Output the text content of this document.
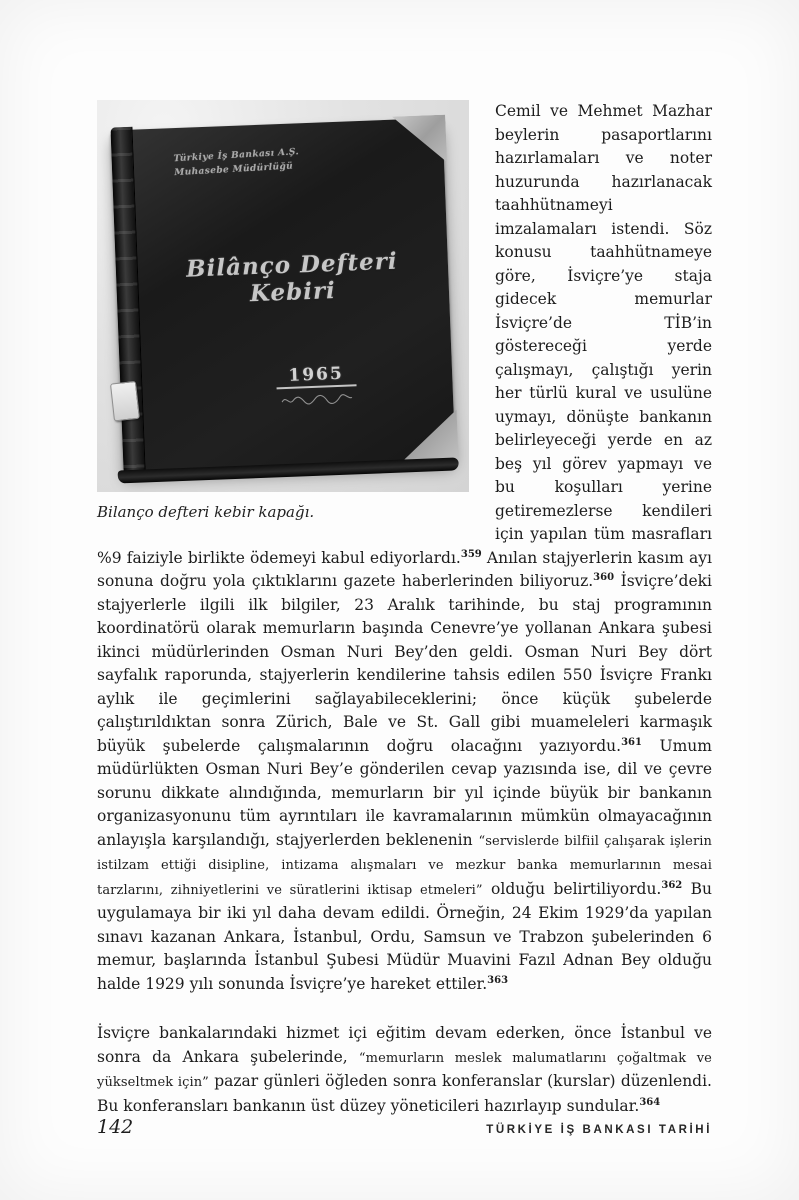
Türkiye İş Bankası A.Ş.
Muhasebe Müdürlüğü
Bilânço Defteri Kebiri
1965
Bilanço defteri kebir kapağı.

Cemil ve Mehmet Mazhar beylerin pasaportlarını hazırlamaları ve noter huzurunda hazırlanacak taahhütnameyi imzalamaları istendi. Söz konusu taahhütnameye göre, İsviçre’ye staja gidecek memurlar İsviçre’de TİB’in göstereceği yerde çalışmayı, çalıştığı yerin her türlü kural ve usulüne uymayı, dönüşte bankanın belirleyeceği yerde en az beş yıl görev yapmayı ve bu koşulları yerine getiremezlerse kendileri için yapılan tüm masrafları %9 faiziyle birlikte ödemeyi kabul ediyorlardı.$^{359}$ Anılan stajyerlerin kasım ayı sonuna doğru yola çıktıklarını gazete haberlerinden biliyoruz.$^{360}$ İsviçre’deki stajyerlerle ilgili ilk bilgiler, 23 Aralık tarihinde, bu staj programının koordinatörü olarak memurların başında Cenevre’ye yollanan Ankara şubesi ikinci müdürlerinden Osman Nuri Bey’den geldi. Osman Nuri Bey dört sayfalık raporunda, stajyerlerin kendilerine tahsis edilen 550 İsviçre Frankı aylık ile geçimlerini sağlayabileceklerini; önce küçük şubelerde çalıştırıldıktan sonra Zürich, Bale ve St. Gall gibi muameleleri karmaşık büyük şubelerde çalışmalarının doğru olacağını yazıyordu.$^{361}$ Umum müdürlükten Osman Nuri Bey’e gönderilen cevap yazısında ise, dil ve çevre sorunu dikkate alındığında, memurların bir yıl içinde büyük bir bankanın organizasyonunu tüm ayrıntıları ile kavramalarının mümkün olmayacağının anlayışla karşılandığı, stajyerlerden beklenenin “servislerde bilfiil çalışarak işlerin istilzam ettiği disipline, intizama alışmaları ve mezkur banka memurlarının mesai tarzlarını, zihniyetlerini ve süratlerini iktisap etmeleri” olduğu belirtiliyordu.$^{362}$ Bu uygulamaya bir iki yıl daha devam edildi. Örneğin, 24 Ekim 1929’da yapılan sınavı kazanan Ankara, İstanbul, Ordu, Samsun ve Trabzon şubelerinden 6 memur, başlarında İstanbul Şubesi Müdür Muavini Fazıl Adnan Bey olduğu halde 1929 yılı sonunda İsviçre’ye hareket ettiler.$^{363}$

İsviçre bankalarındaki hizmet içi eğitim devam ederken, önce İstanbul ve sonra da Ankara şubelerinde, “memurların meslek malumatlarını çoğaltmak ve yükseltmek için” pazar günleri öğleden sonra konferanslar (kurslar) düzenlendi. Bu konferansları bankanın üst düzey yöneticileri hazırlayıp sundular.$^{364}$

142	TÜRKİYE İŞ BANKASI TARİHİ
